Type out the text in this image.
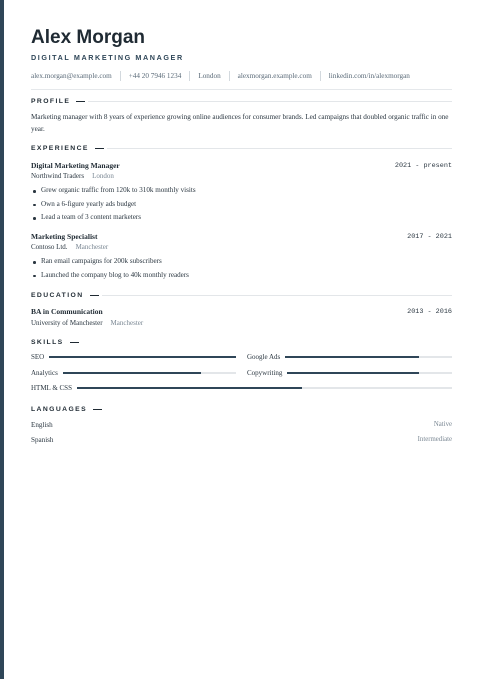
Alex Morgan
DIGITAL MARKETING MANAGER
alex.morgan@example.com +44 20 7946 1234 London alexmorgan.example.com linkedin.com/in/alexmorgan
PROFILE
Marketing manager with 8 years of experience growing online audiences for consumer brands. Led campaigns that doubled organic traffic in one year.
EXPERIENCE
Digital Marketing Manager	2021 - present
Northwind Traders London
Grew organic traffic from 120k to 310k monthly visits
Own a 6-figure yearly ads budget
Lead a team of 3 content marketers
Marketing Specialist	2017 - 2021
Contoso Ltd. Manchester
Ran email campaigns for 200k subscribers
Launched the company blog to 40k monthly readers
EDUCATION
BA in Communication	2013 - 2016
University of Manchester Manchester
SKILLS
SEO	Google Ads
Analytics	Copywriting
HTML & CSS
LANGUAGES
English	Native
Spanish	Intermediate
